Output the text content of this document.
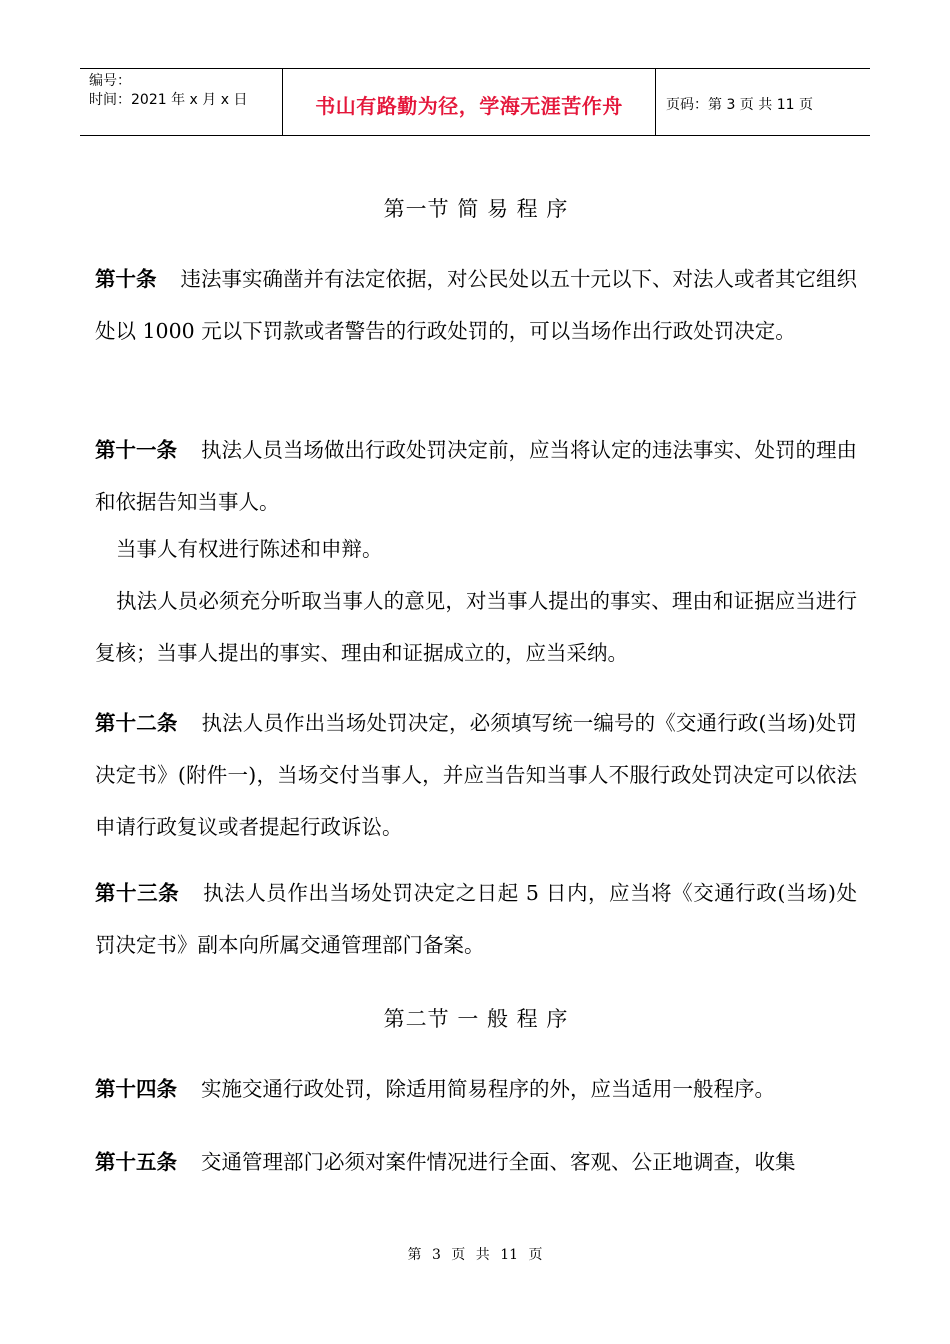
编号：
时间：2021 年 x 月 x 日	书山有路勤为径，学海无涯苦作舟	页码：第 3 页 共 11 页
第一节 简 易 程 序
第十条 违法事实确凿并有法定依据，对公民处以五十元以下、对法人或者其它组织处以 1000 元以下罚款或者警告的行政处罚的，可以当场作出行政处罚决定。
第十一条 执法人员当场做出行政处罚决定前，应当将认定的违法事实、处罚的理由和依据告知当事人。
当事人有权进行陈述和申辩。
执法人员必须充分听取当事人的意见，对当事人提出的事实、理由和证据应当进行复核；当事人提出的事实、理由和证据成立的，应当采纳。
第十二条 执法人员作出当场处罚决定，必须填写统一编号的《交通行政(当场)处罚决定书》(附件一)，当场交付当事人，并应当告知当事人不服行政处罚决定可以依法申请行政复议或者提起行政诉讼。
第十三条 执法人员作出当场处罚决定之日起 5 日内，应当将《交通行政(当场)处罚决定书》副本向所属交通管理部门备案。
第二节 一 般 程 序
第十四条 实施交通行政处罚，除适用简易程序的外，应当适用一般程序。
第十五条 交通管理部门必须对案件情况进行全面、客观、公正地调查，收集
第 3 页 共 11 页
